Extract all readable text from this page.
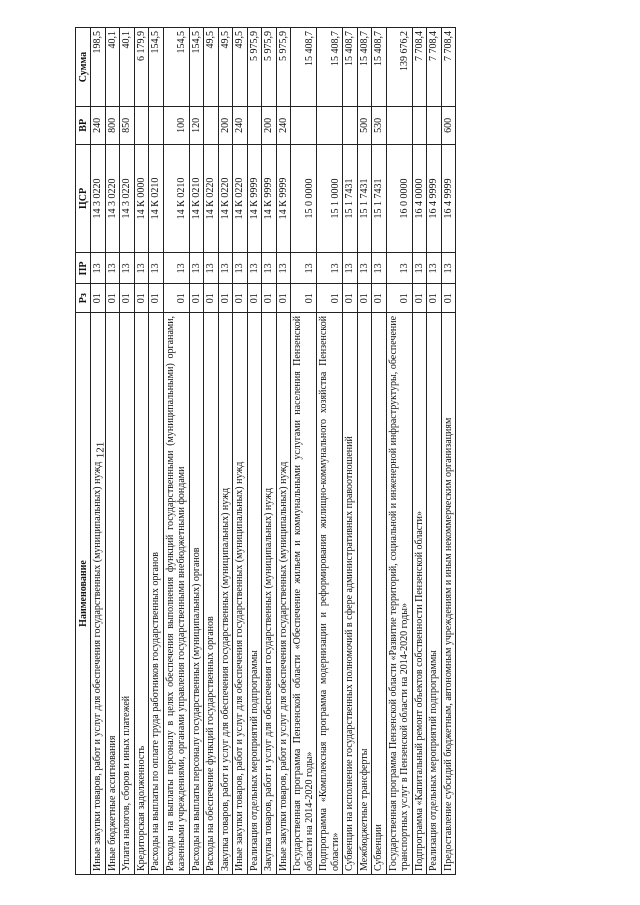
121
Наименование	Рз	ПР	ЦСР	ВР	Сумма
Иные закупки товаров, работ и услуг для обеспечения государственных (муниципальных) нужд	01	13	14 3 0220	240	198,5
Иные бюджетные ассигнования	01	13	14 3 0220	800	40,1
Уплата налогов, сборов и иных платежей	01	13	14 3 0220	850	40,1
Кредиторская задолженность	01	13	14 К 0000		6 179,9
Расходы на выплаты по оплате труда работников государственных органов	01	13	14 К 0210		154,5
Расходы на выплаты персоналу в целях обеспечения выполнения функций государственными (муниципальными) органами, казенными учреждениями, органами управления государственными внебюджетными фондами	01	13	14 К 0210	100	154,5
Расходы на выплаты персоналу государственных (муниципальных) органов	01	13	14 К 0210	120	154,5
Расходы на обеспечение функций государственных органов	01	13	14 К 0220		49,5
Закупка товаров, работ и услуг для обеспечения государственных (муниципальных) нужд	01	13	14 К 0220	200	49,5
Иные закупки товаров, работ и услуг для обеспечения государственных (муниципальных) нужд	01	13	14 К 0220	240	49,5
Реализация отдельных мероприятий подпрограммы	01	13	14 К 9999		5 975,9
Закупка товаров, работ и услуг для обеспечения государственных (муниципальных) нужд	01	13	14 К 9999	200	5 975,9
Иные закупки товаров, работ и услуг для обеспечения государственных (муниципальных) нужд	01	13	14 К 9999	240	5 975,9
Государственная программа Пензенской области «Обеспечение жильем и коммунальными услугами населения Пензенской области на 2014-2020 годы»	01	13	15 0 0000		15 408,7
Подпрограмма «Комплексная программа модернизации и реформирования жилищно-коммунального хозяйства Пензенской области»	01	13	15 1 0000		15 408,7
Субвенции на исполнение государственных полномочий в сфере административных правоотношений	01	13	15 1 7431		15 408,7
Межбюджетные трансферты	01	13	15 1 7431	500	15 408,7
Субвенции	01	13	15 1 7431	530	15 408,7
Государственная программа Пензенской области «Развитие территорий, социальной и инженерной инфраструктуры, обеспечение транспортных услуг в Пензенской области на 2014-2020 годы»	01	13	16 0 0000		139 676,2
Подпрограмма «Капитальный ремонт объектов собственности Пензенской области»	01	13	16 4 0000		7 708,4
Реализация отдельных мероприятий подпрограммы	01	13	16 4 9999		7 708,4
Предоставление субсидий бюджетным, автономным учреждениям и иным некоммерческим организациям	01	13	16 4 9999	600	7 708,4
